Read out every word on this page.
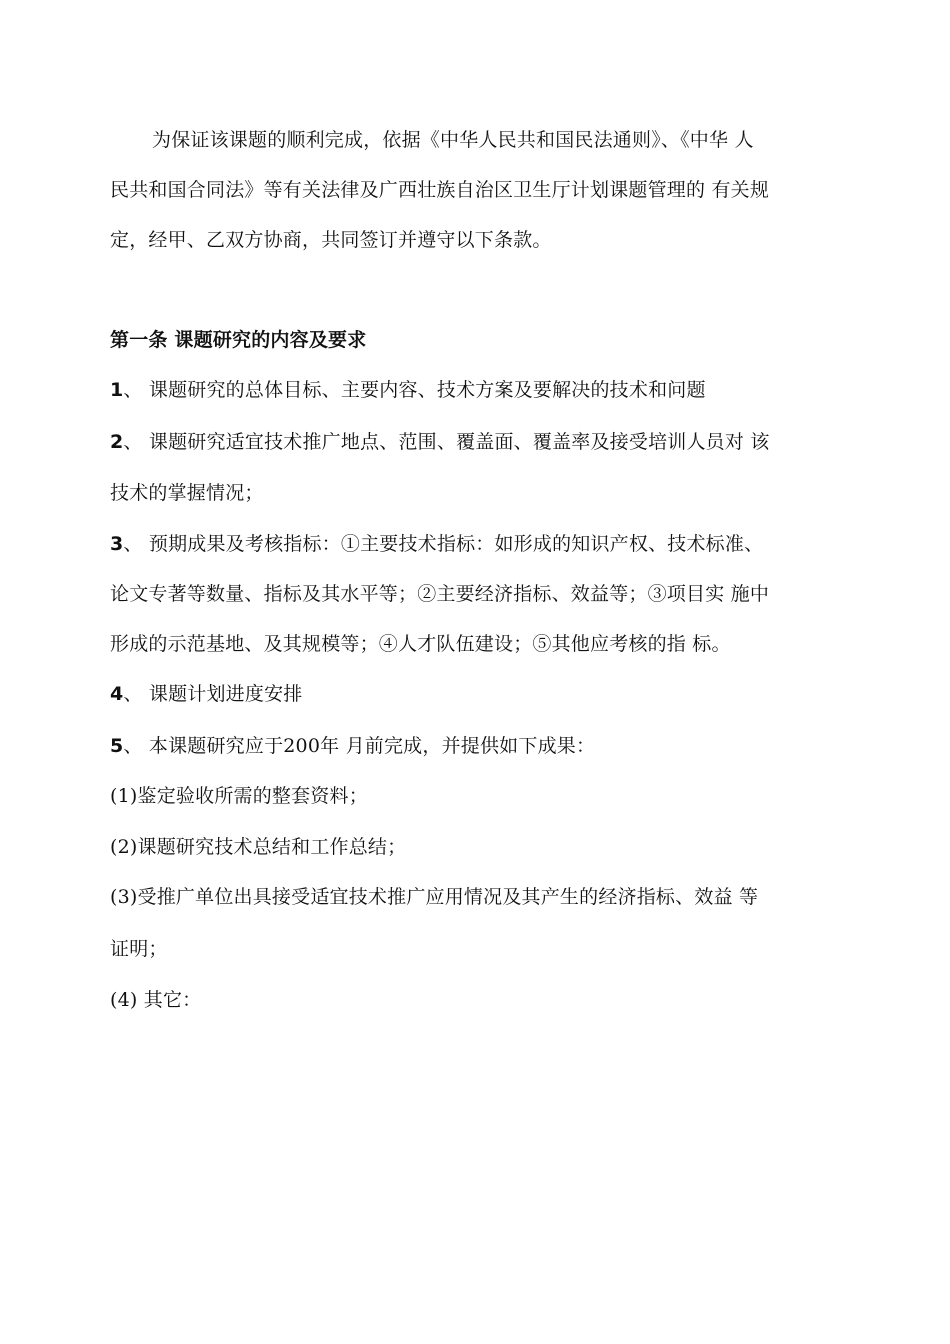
为保证该课题的顺利完成，依据《中华人民共和国民法通则》、《中华 人
民共和国合同法》等有关法律及广西壮族自治区卫生厅计划课题管理的 有关规
定，经甲、乙双方协商，共同签订并遵守以下条款。
第一条 课题研究的内容及要求
1、 课题研究的总体目标、主要内容、技术方案及要解决的技术和问题
2、 课题研究适宜技术推广地点、范围、覆盖面、覆盖率及接受培训人员对 该
技术的掌握情况；
3、 预期成果及考核指标：①主要技术指标：如形成的知识产权、技术标准、
论文专著等数量、指标及其水平等；②主要经济指标、效益等；③项目实 施中
形成的示范基地、及其规模等；④人才队伍建设；⑤其他应考核的指 标。
4、 课题计划进度安排
5、 本课题研究应于200年 月前完成，并提供如下成果：
(1)鉴定验收所需的整套资料；
(2)课题研究技术总结和工作总结；
(3)受推广单位出具接受适宜技术推广应用情况及其产生的经济指标、效益 等
证明；
(4) 其它：
